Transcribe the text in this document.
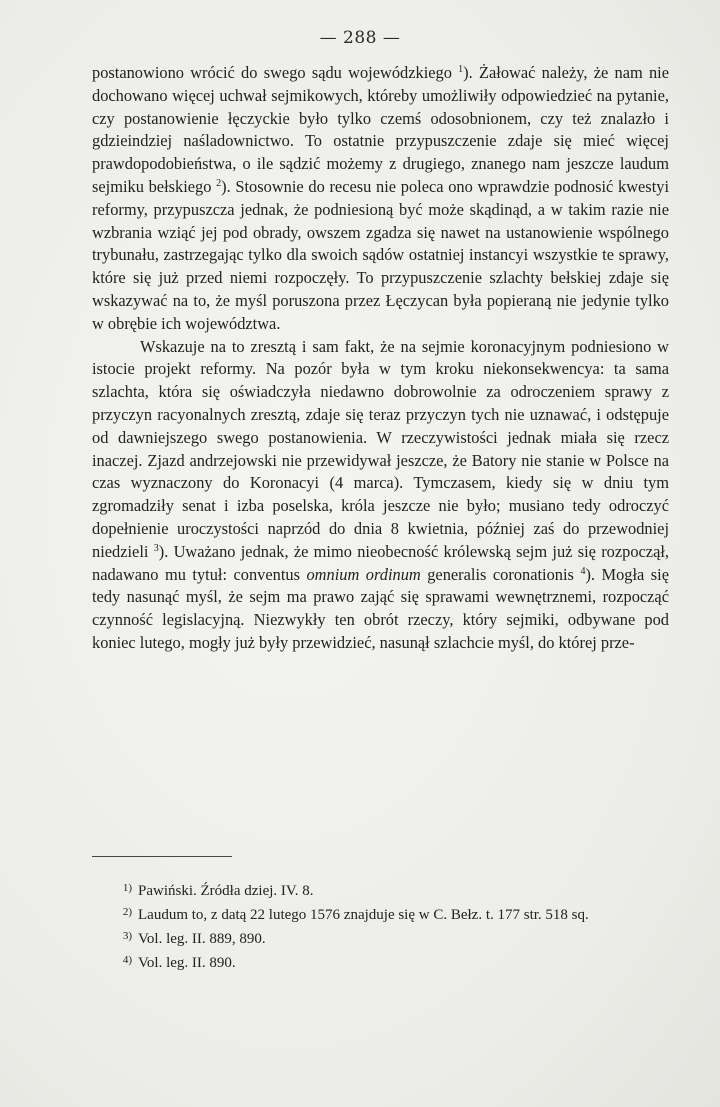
— 288 —

postanowiono wrócić do swego sądu wojewódzkiego $^1$). Żałować należy, że nam nie dochowano więcej uchwał sejmikowych, któreby umożliwiły odpowiedzieć na pytanie, czy postanowienie łęczyckie było tylko czemś odosobnionem, czy też znalazło i gdzieindziej naśladownictwo. To ostatnie przypuszczenie zdaje się mieć więcej prawdopodobieństwa, o ile sądzić możemy z drugiego, znanego nam jeszcze laudum sejmiku bełskiego $^2$). Stosownie do recesu nie poleca ono wprawdzie podnosić kwestyi reformy, przypuszcza jednak, że podniesioną być może skądinąd, a w takim razie nie wzbrania wziąć jej pod obrady, owszem zgadza się nawet na ustanowienie wspólnego trybunału, zastrzegając tylko dla swoich sądów ostatniej instancyi wszystkie te sprawy, które się już przed niemi rozpoczęły. To przypuszczenie szlachty bełskiej zdaje się wskazywać na to, że myśl poruszona przez Łęczycan była popieraną nie jedynie tylko w obrębie ich województwa.

Wskazuje na to zresztą i sam fakt, że na sejmie koronacyjnym podniesiono w istocie projekt reformy. Na pozór była w tym kroku niekonsekwencya: ta sama szlachta, która się oświadczyła niedawno dobrowolnie za odroczeniem sprawy z przyczyn racyonalnych zresztą, zdaje się teraz przyczyn tych nie uznawać, i odstępuje od dawniejszego swego postanowienia. W rzeczywistości jednak miała się rzecz inaczej. Zjazd andrzejowski nie przewidywał jeszcze, że Batory nie stanie w Polsce na czas wyznaczony do Koronacyi (4 marca). Tymczasem, kiedy się w dniu tym zgromadziły senat i izba poselska, króla jeszcze nie było; musiano tedy odroczyć dopełnienie uroczystości naprzód do dnia 8 kwietnia, później zaś do przewodniej niedzieli $^3$). Uważano jednak, że mimo nieobecność królewską sejm już się rozpoczął, nadawano mu tytuł: conventus omnium ordinum generalis coronationis $^4$). Mogła się tedy nasunąć myśl, że sejm ma prawo zająć się sprawami wewnętrznemi, rozpocząć czynność legislacyjną. Niezwykły ten obrót rzeczy, który sejmiki, odbywane pod koniec lutego, mogły już były przewidzieć, nasunął szlachcie myśl, do której prze-

1) Pawiński. Źródła dziej. IV. 8.

2) Laudum to, z datą 22 lutego 1576 znajduje się w C. Bełz. t. 177 str. 518 sq.

3) Vol. leg. II. 889, 890.

4) Vol. leg. II. 890.
